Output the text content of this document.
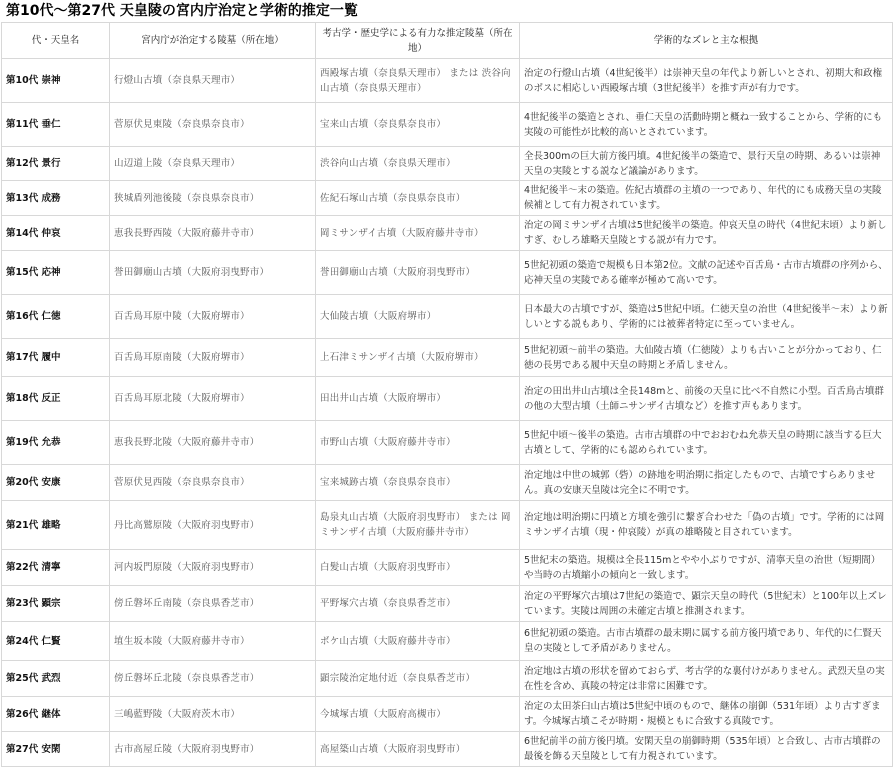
第10代〜第27代 天皇陵の宮内庁治定と学術的推定一覧
代・天皇名	宮内庁が治定する陵墓（所在地）	考古学・歴史学による有力な推定陵墓（所在地）	学術的なズレと主な根拠
第10代 崇神	行燈山古墳（奈良県天理市）	西殿塚古墳（奈良県天理市） または 渋谷向山古墳（奈良県天理市）	治定の行燈山古墳（4世紀後半）は崇神天皇の年代より新しいとされ、初期大和政権のボスに相応しい西殿塚古墳（3世紀後半）を推す声が有力です。
第11代 垂仁	菅原伏見東陵（奈良県奈良市）	宝来山古墳（奈良県奈良市）	4世紀後半の築造とされ、垂仁天皇の活動時期と概ね一致することから、学術的にも実陵の可能性が比較的高いとされています。
第12代 景行	山辺道上陵（奈良県天理市）	渋谷向山古墳（奈良県天理市）	全長300mの巨大前方後円墳。4世紀後半の築造で、景行天皇の時期、あるいは崇神天皇の実陵とする説など議論があります。
第13代 成務	狭城盾列池後陵（奈良県奈良市）	佐紀石塚山古墳（奈良県奈良市）	4世紀後半〜末の築造。佐紀古墳群の主墳の一つであり、年代的にも成務天皇の実陵候補として有力視されています。
第14代 仲哀	恵我長野西陵（大阪府藤井寺市）	岡ミサンザイ古墳（大阪府藤井寺市）	治定の岡ミサンザイ古墳は5世紀後半の築造。仲哀天皇の時代（4世紀末頃）より新しすぎ、むしろ雄略天皇陵とする説が有力です。
第15代 応神	誉田御廟山古墳（大阪府羽曳野市）	誉田御廟山古墳（大阪府羽曳野市）	5世紀初頭の築造で規模も日本第2位。文献の記述や百舌鳥・古市古墳群の序列から、応神天皇の実陵である確率が極めて高いです。
第16代 仁徳	百舌鳥耳原中陵（大阪府堺市）	大仙陵古墳（大阪府堺市）	日本最大の古墳ですが、築造は5世紀中頃。仁徳天皇の治世（4世紀後半〜末）より新しいとする説もあり、学術的には被葬者特定に至っていません。
第17代 履中	百舌鳥耳原南陵（大阪府堺市）	上石津ミサンザイ古墳（大阪府堺市）	5世紀初頭〜前半の築造。大仙陵古墳（仁徳陵）よりも古いことが分かっており、仁徳の長男である履中天皇の時期と矛盾しません。
第18代 反正	百舌鳥耳原北陵（大阪府堺市）	田出井山古墳（大阪府堺市）	治定の田出井山古墳は全長148mと、前後の天皇に比べ不自然に小型。百舌鳥古墳群の他の大型古墳（土師ニサンザイ古墳など）を推す声もあります。
第19代 允恭	恵我長野北陵（大阪府藤井寺市）	市野山古墳（大阪府藤井寺市）	5世紀中頃〜後半の築造。古市古墳群の中でおおむね允恭天皇の時期に該当する巨大古墳として、学術的にも認められています。
第20代 安康	菅原伏見西陵（奈良県奈良市）	宝来城跡古墳（奈良県奈良市）	治定地は中世の城郭（砦）の跡地を明治期に指定したもので、古墳ですらありません。真の安康天皇陵は完全に不明です。
第21代 雄略	丹比高鷲原陵（大阪府羽曳野市）	島泉丸山古墳（大阪府羽曳野市） または 岡ミサンザイ古墳（大阪府藤井寺市）	治定地は明治期に円墳と方墳を強引に繋ぎ合わせた「偽の古墳」です。学術的には岡ミサンザイ古墳（現・仲哀陵）が真の雄略陵と目されています。
第22代 清寧	河内坂門原陵（大阪府羽曳野市）	白髪山古墳（大阪府羽曳野市）	5世紀末の築造。規模は全長115mとやや小ぶりですが、清寧天皇の治世（短期間）や当時の古墳縮小の傾向と一致します。
第23代 顕宗	傍丘磐坏丘南陵（奈良県香芝市）	平野塚穴古墳（奈良県香芝市）	治定の平野塚穴古墳は7世紀の築造で、顕宗天皇の時代（5世紀末）と100年以上ズレています。実陵は周囲の未確定古墳と推測されます。
第24代 仁賢	埴生坂本陵（大阪府藤井寺市）	ボケ山古墳（大阪府藤井寺市）	6世紀初頭の築造。古市古墳群の最末期に属する前方後円墳であり、年代的に仁賢天皇の実陵として矛盾がありません。
第25代 武烈	傍丘磐坏丘北陵（奈良県香芝市）	顕宗陵治定地付近（奈良県香芝市）	治定地は古墳の形状を留めておらず、考古学的な裏付けがありません。武烈天皇の実在性を含め、真陵の特定は非常に困難です。
第26代 継体	三嶋藍野陵（大阪府茨木市）	今城塚古墳（大阪府高槻市）	治定の太田茶臼山古墳は5世紀中頃のもので、継体の崩御（531年頃）より古すぎます。今城塚古墳こそが時期・規模ともに合致する真陵です。
第27代 安閑	古市高屋丘陵（大阪府羽曳野市）	高屋築山古墳（大阪府羽曳野市）	6世紀前半の前方後円墳。安閑天皇の崩御時期（535年頃）と合致し、古市古墳群の最後を飾る天皇陵として有力視されています。
